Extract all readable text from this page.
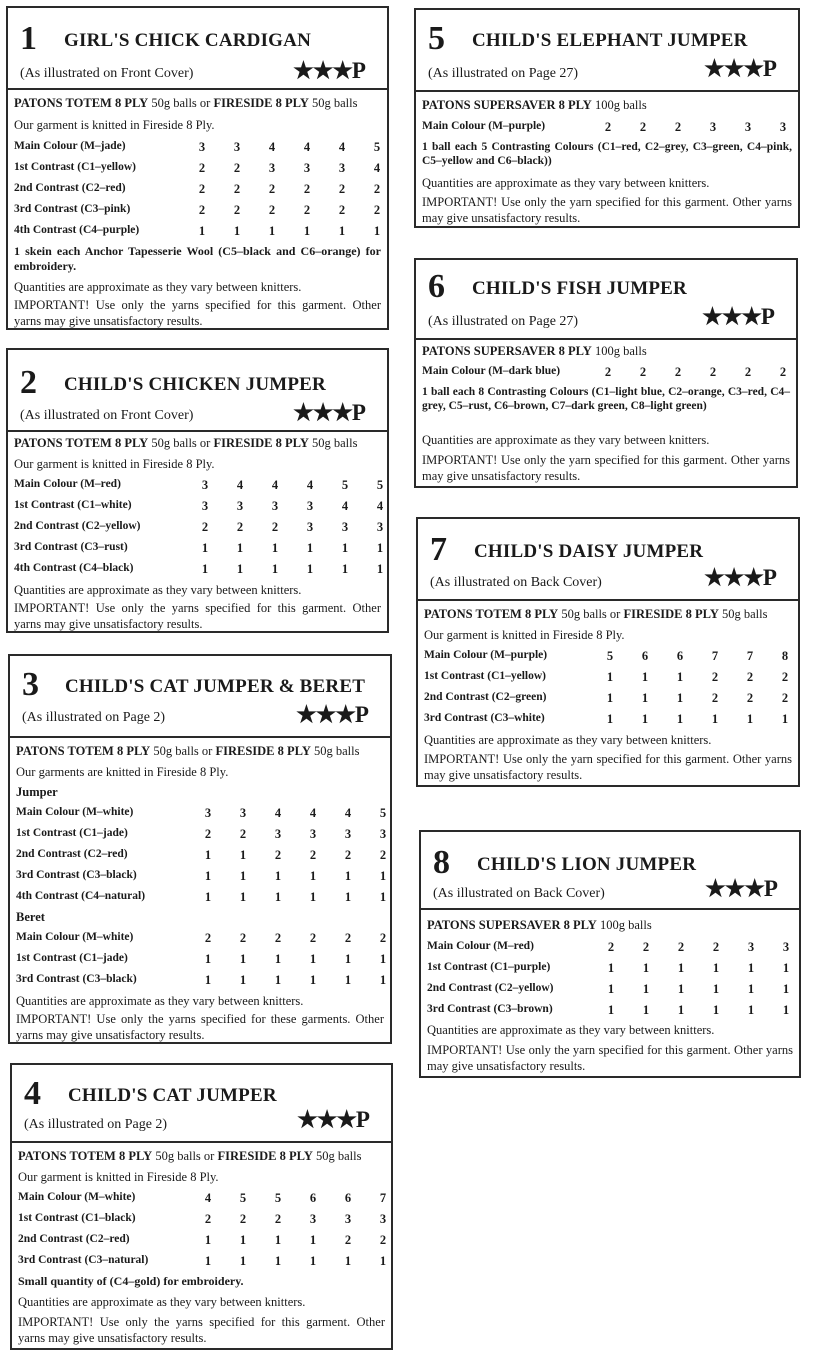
1 GIRL'S CHICK CARDIGAN
(As illustrated on Front Cover)	★★★P
PATONS TOTEM 8 PLY 50g balls or FIRESIDE 8 PLY 50g balls
Our garment is knitted in Fireside 8 Ply.
Main Colour (M–jade)	3	3	4	4	4	5
1st Contrast (C1–yellow)	2	2	3	3	3	4
2nd Contrast (C2–red)	2	2	2	2	2	2
3rd Contrast (C3–pink)	2	2	2	2	2	2
4th Contrast (C4–purple)	1	1	1	1	1	1
1 skein each Anchor Tapesserie Wool (C5–black and C6–orange) for embroidery.
Quantities are approximate as they vary between knitters.
IMPORTANT! Use only the yarns specified for this garment. Other yarns may give unsatisfactory results.
2 CHILD'S CHICKEN JUMPER
(As illustrated on Front Cover)	★★★P
PATONS TOTEM 8 PLY 50g balls or FIRESIDE 8 PLY 50g balls
Our garment is knitted in Fireside 8 Ply.
Main Colour (M–red)	3	4	4	4	5	5
1st Contrast (C1–white)	3	3	3	3	4	4
2nd Contrast (C2–yellow)	2	2	2	3	3	3
3rd Contrast (C3–rust)	1	1	1	1	1	1
4th Contrast (C4–black)	1	1	1	1	1	1
Quantities are approximate as they vary between knitters.
IMPORTANT! Use only the yarns specified for this garment. Other yarns may give unsatisfactory results.
3 CHILD'S CAT JUMPER & BERET
(As illustrated on Page 2)	★★★P
PATONS TOTEM 8 PLY 50g balls or FIRESIDE 8 PLY 50g balls
Our garments are knitted in Fireside 8 Ply.
Jumper
Main Colour (M–white)	3	3	4	4	4	5
1st Contrast (C1–jade)	2	2	3	3	3	3
2nd Contrast (C2–red)	1	1	2	2	2	2
3rd Contrast (C3–black)	1	1	1	1	1	1
4th Contrast (C4–natural)	1	1	1	1	1	1
Beret
Main Colour (M–white)	2	2	2	2	2	2
1st Contrast (C1–jade)	1	1	1	1	1	1
3rd Contrast (C3–black)	1	1	1	1	1	1
Quantities are approximate as they vary between knitters.
IMPORTANT! Use only the yarns specified for these garments. Other yarns may give unsatisfactory results.
4 CHILD'S CAT JUMPER
(As illustrated on Page 2)	★★★P
PATONS TOTEM 8 PLY 50g balls or FIRESIDE 8 PLY 50g balls
Our garment is knitted in Fireside 8 Ply.
Main Colour (M–white)	4	5	5	6	6	7
1st Contrast (C1–black)	2	2	2	3	3	3
2nd Contrast (C2–red)	1	1	1	1	2	2
3rd Contrast (C3–natural)	1	1	1	1	1	1
Small quantity of (C4–gold) for embroidery.
Quantities are approximate as they vary between knitters.
IMPORTANT! Use only the yarns specified for this garment. Other yarns may give unsatisfactory results.
5 CHILD'S ELEPHANT JUMPER
(As illustrated on Page 27)	★★★P
PATONS SUPERSAVER 8 PLY 100g balls
Main Colour (M–purple)	2	2	2	3	3	3
1 ball each 5 Contrasting Colours (C1–red, C2–grey, C3–green, C4–pink, C5–yellow and C6–black))
Quantities are approximate as they vary between knitters.
IMPORTANT! Use only the yarn specified for this garment. Other yarns may give unsatisfactory results.
6 CHILD'S FISH JUMPER
(As illustrated on Page 27)	★★★P
PATONS SUPERSAVER 8 PLY 100g balls
Main Colour (M–dark blue)	2	2	2	2	2	2
1 ball each 8 Contrasting Colours (C1–light blue, C2–orange, C3–red, C4–grey, C5–rust, C6–brown, C7–dark green, C8–light green)
Quantities are approximate as they vary between knitters.
IMPORTANT! Use only the yarn specified for this garment. Other yarns may give unsatisfactory results.
7 CHILD'S DAISY JUMPER
(As illustrated on Back Cover)	★★★P
PATONS TOTEM 8 PLY 50g balls or FIRESIDE 8 PLY 50g balls
Our garment is knitted in Fireside 8 Ply.
Main Colour (M–purple)	5	6	6	7	7	8
1st Contrast (C1–yellow)	1	1	1	2	2	2
2nd Contrast (C2–green)	1	1	1	2	2	2
3rd Contrast (C3–white)	1	1	1	1	1	1
Quantities are approximate as they vary between knitters.
IMPORTANT! Use only the yarn specified for this garment. Other yarns may give unsatisfactory results.
8 CHILD'S LION JUMPER
(As illustrated on Back Cover)	★★★P
PATONS SUPERSAVER 8 PLY 100g balls
Main Colour (M–red)	2	2	2	2	3	3
1st Contrast (C1–purple)	1	1	1	1	1	1
2nd Contrast (C2–yellow)	1	1	1	1	1	1
3rd Contrast (C3–brown)	1	1	1	1	1	1
Quantities are approximate as they vary between knitters.
IMPORTANT! Use only the yarn specified for this garment. Other yarns may give unsatisfactory results.
